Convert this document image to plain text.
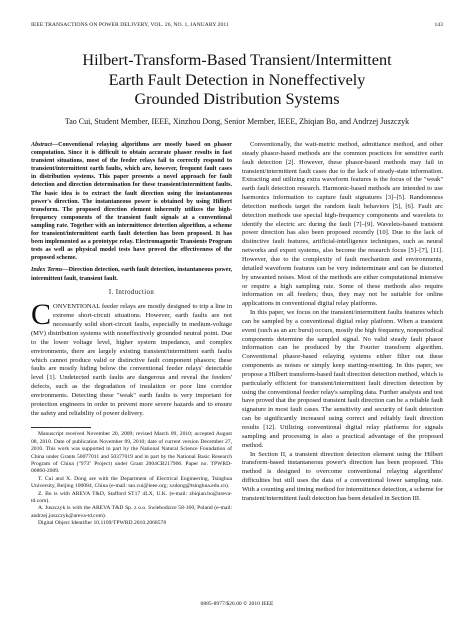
IEEE TRANSACTIONS ON POWER DELIVERY, VOL. 26, NO. 1, JANUARY 2011	143
Hilbert-Transform-Based Transient/Intermittent
Earth Fault Detection in Noneffectively
Grounded Distribution Systems
Tao Cui, Student Member, IEEE, Xinzhou Dong, Senior Member, IEEE, Zhiqian Bo, and Andrzej Juszczyk

Abstract—Conventional relaying algorithms are mostly based on phasor computation. Since it is difficult to obtain accurate phasor results in fast transient situations, most of the feeder relays fail to correctly respond to transient/intermittent earth faults, which are, however, frequent fault cases in distribution systems. This paper presents a novel approach for fault detection and direction determination for these transient/intermittent faults. The basic idea is to extract the fault direction using the instantaneous power's direction. The instantaneous power is obtained by using Hilbert transform. The proposed direction element inherently utilizes the high-frequency components of the transient fault signals at a conventional sampling rate. Together with an intermittence detection algorithm, a scheme for transient/intermittent earth fault detection has been proposed. It has been implemented as a prototype relay. Electromagnetic Transients Program tests as well as physical model tests have proved the effectiveness of the proposed scheme.

Index Terms—Direction detection, earth fault detection, instantaneous power, intermittent fault, transient fault.

I. Introduction

CONVENTIONAL feeder relays are mostly designed to trip a line in extreme short-circuit situations. However, earth faults are not necessarily solid short-circuit faults, especially in medium-voltage (MV) distribution systems with noneffectively grounded neutral point. Due to the lower voltage level, higher system impedance, and complex environments, there are largely existing transient/intermittent earth faults which cannot produce valid or distinctive fault component phasors; these faults are mostly hiding below the conventional feeder relays' detectable level [1]. Undetected earth faults are dangerous and reveal the feeders' defects, such as the degradation of insulation or poor line corridor environments. Detecting these "weak" earth faults is very important for protection engineers in order to prevent more severe hazards and to ensure the safety and reliability of power delivery.

Manuscript received November 20, 2009; revised March 09, 2010; accepted August 08, 2010. Date of publication November 09, 2010; date of current version December 27, 2010. This work was supported in part by the National Natural Science Foundation of China under Grants 50077011 and 50377019 and in part by the National Basic Research Program of China ("973" Project) under Grant 2004CB217906. Paper no. TPWRD-00860-2009.

T. Cui and X. Dong are with the Department of Electrical Engineering, Tsinghua University, Beijing 100084, China (e-mail: tao.cui@ieee.org; xzdong@tsinghua.edu.cn).

Z. Bo is with AREVA T&D, Stafford ST17 4LX, U.K. (e-mail: zhiqian.bo@areva-td.com).

A. Juszczyk is with the AREVA T&D Sp. z o.o. Swiebodzice 58-160, Poland (e-mail: andrzej.juszczyk@areva-td.com).

Digital Object Identifier 10.1109/TPWRD.2010.2068578

Conventionally, the watt-metric method, admittance method, and other steady phasor-based methods are the common practices for sensitive earth fault detection [2]. However, these phasor-based methods may fail in transient/intermittent fault cases due to the lack of steady-state information. Extracting and utilizing extra waveform features is the focus of the "weak" earth fault detection research. Harmonic-based methods are intended to use harmonics information to capture fault signatures [3]–[5]. Randomness detection methods target the random fault behaviors [5], [6]. Fault arc detection methods use special high-frequency components and wavelets to identify the electric arc during the fault [7]–[9]. Wavelets-based transient power direction has also been proposed recently [10]. Due to the lack of distinctive fault features, artificial-intelligence techniques, such as neural networks and expert systems, also become the research focus [5]–[7], [11]. However, due to the complexity of fault mechanism and environments, detailed waveform features can be very indeterminate and can be distorted by unwanted noises. Most of the methods are either computational intensive or require a high sampling rate. Some of these methods also require information on all feeders; thus, they may not be suitable for online applications in conventional digital relay platforms.

In this paper, we focus on the transient/intermittent faults features which can be sampled by a conventional digital relay platform. When a transient event (such as an arc burst) occurs, mostly the high frequency, nonperiodical components determine the sampled signal. No valid steady fault phasor information can be produced by the Fourier transform algorithm. Conventional phasor-based relaying systems either filter out these components as noises or simply keep starting-resetting. In this paper, we propose a Hilbert transform-based fault direction detection method, which is particularly efficient for transient/intermittent fault direction detection by using the conventional feeder relay's sampling data. Further analysis and test have proved that the proposed transient fault direction can be a reliable fault signature in most fault cases. The sensitivity and security of fault detection can be significantly increased using correct and reliably fault direction results [12]. Utilizing conventional digital relay platforms for signals sampling and processing is also a practical advantage of the proposed method.

In Section II, a transient direction detection element using the Hilbert transform-based instantaneous power's direction has been proposed. This method is designed to overcome conventional relaying algorithms' difficulties but still uses the data of a conventional lower sampling rate. With a counting and timing method for intermittence detection, a scheme for transient/intermittent fault detection has been detailed in Section III.

0885-8977/$26.00 © 2010 IEEE
